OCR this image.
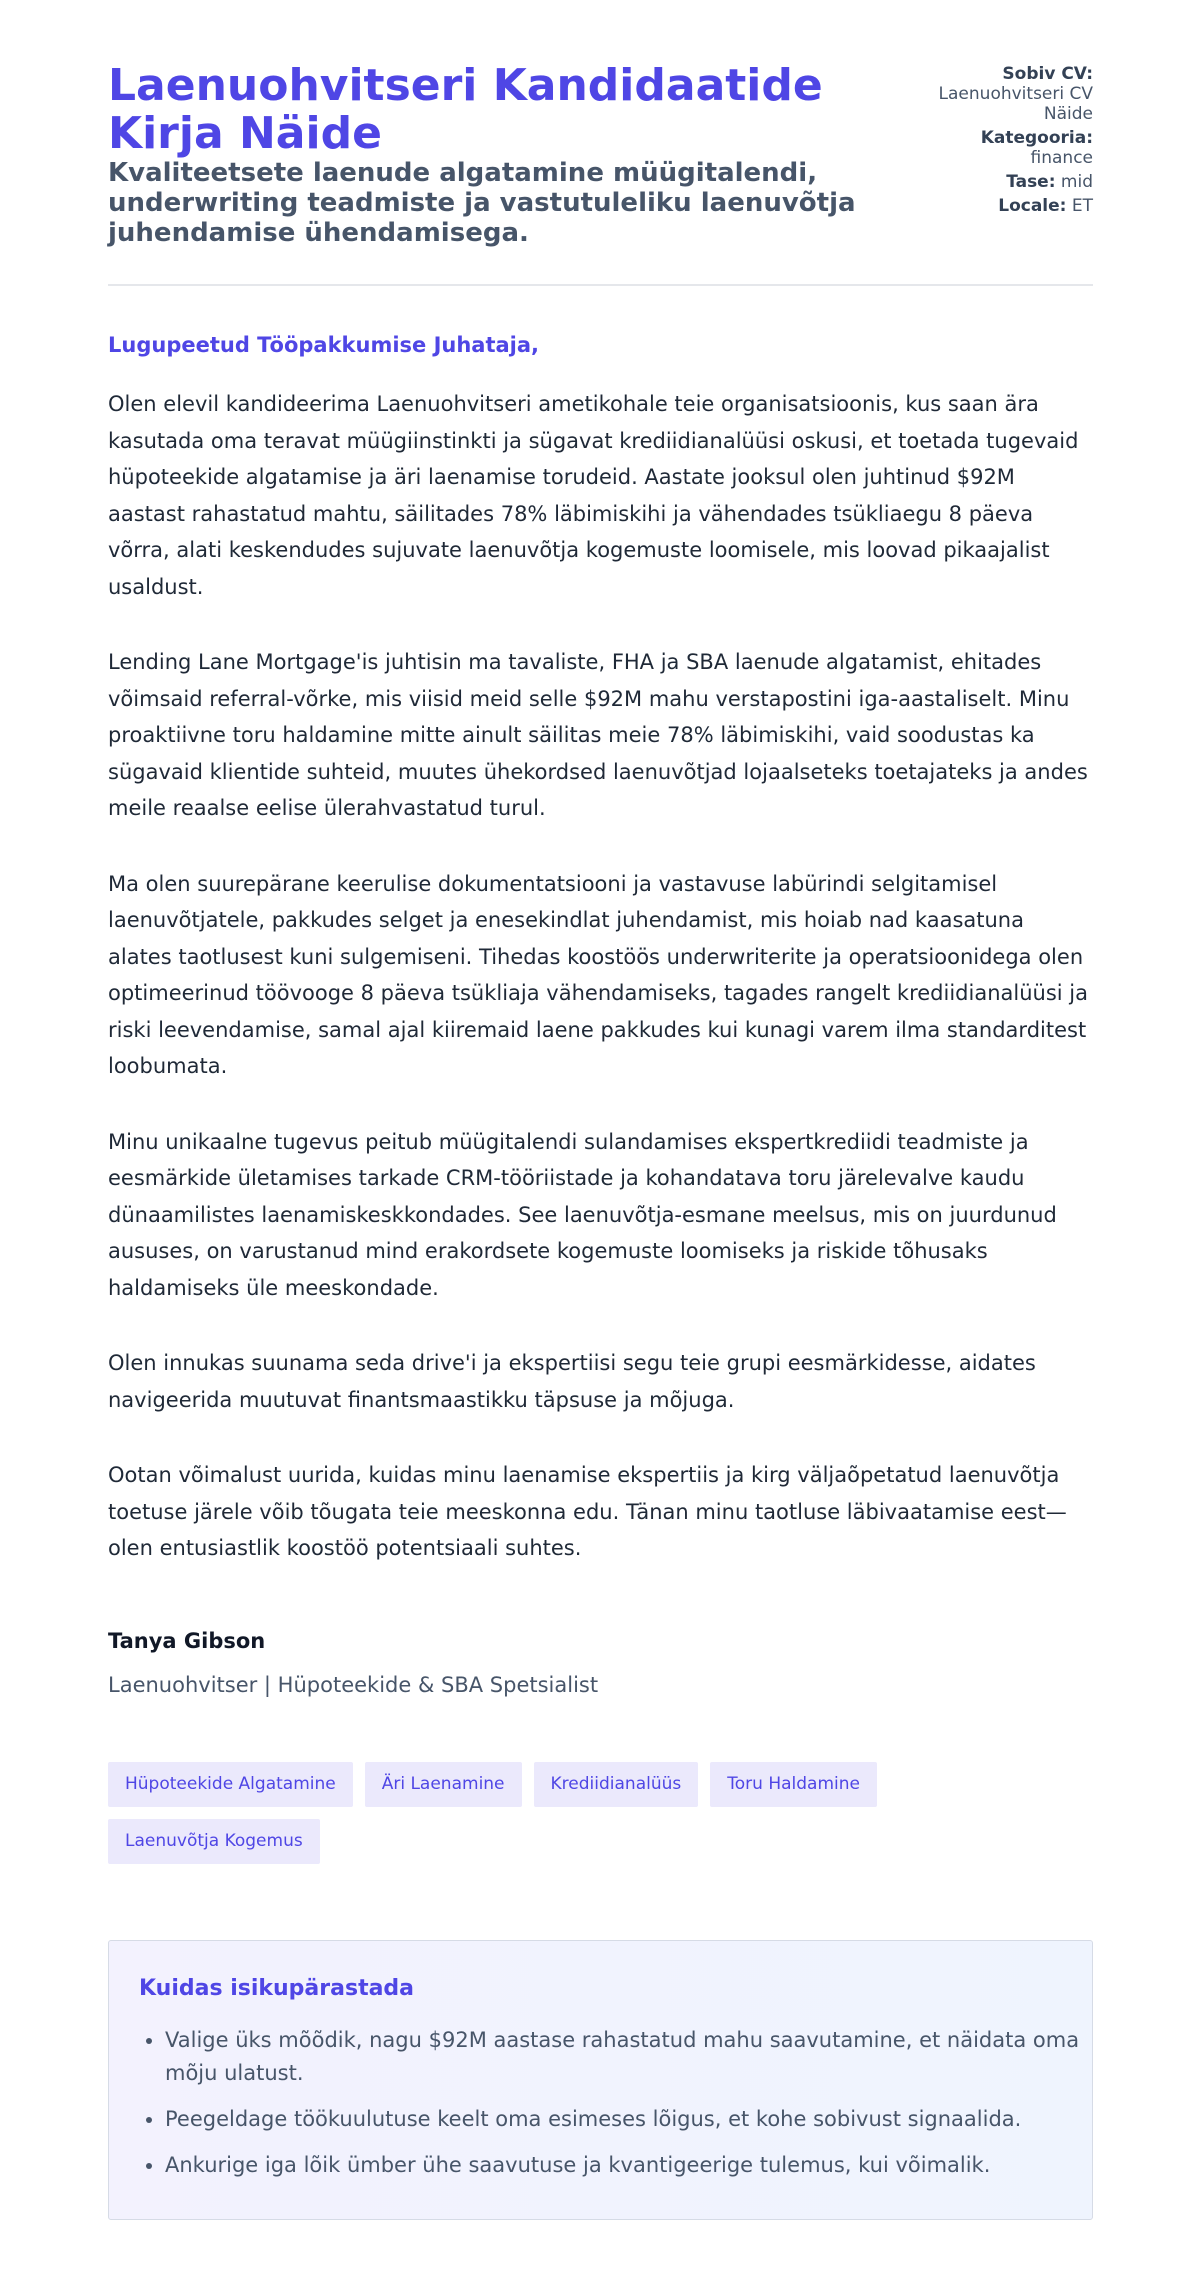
Laenuohvitseri Kandidaatide Kirja Näide
Kvaliteetsete laenude algatamine müügitalendi, underwriting teadmiste ja vastutuleliku laenuvõtja juhendamise ühendamisega.
Sobiv CV:
Laenuohvitseri CV Näide
Kategooria:
finance
Tase: mid
Locale: ET

Lugupeetud Tööpakkumise Juhataja,

Olen elevil kandideerima Laenuohvitseri ametikohale teie organisatsioonis, kus saan ära kasutada oma teravat müügiinstinkti ja sügavat krediidianalüüsi oskusi, et toetada tugevaid hüpoteekide algatamise ja äri laenamise torudeid. Aastate jooksul olen juhtinud $92M aastast rahastatud mahtu, säilitades 78% läbimiskihi ja vähendades tsükliaegu 8 päeva võrra, alati keskendudes sujuvate laenuvõtja kogemuste loomisele, mis loovad pikaajalist usaldust.

Lending Lane Mortgage'is juhtisin ma tavaliste, FHA ja SBA laenude algatamist, ehitades võimsaid referral-võrke, mis viisid meid selle $92M mahu verstapostini iga-aastaliselt. Minu proaktiivne toru haldamine mitte ainult säilitas meie 78% läbimiskihi, vaid soodustas ka sügavaid klientide suhteid, muutes ühekordsed laenuvõtjad lojaalseteks toetajateks ja andes meile reaalse eelise ülerahvastatud turul.

Ma olen suurepärane keerulise dokumentatsiooni ja vastavuse labürindi selgitamisel laenuvõtjatele, pakkudes selget ja enesekindlat juhendamist, mis hoiab nad kaasatuna alates taotlusest kuni sulgemiseni. Tihedas koostöös underwriterite ja operatsioonidega olen optimeerinud töövooge 8 päeva tsükliaja vähendamiseks, tagades rangelt krediidianalüüsi ja riski leevendamise, samal ajal kiiremaid laene pakkudes kui kunagi varem ilma standarditest loobumata.

Minu unikaalne tugevus peitub müügitalendi sulandamises ekspertkrediidi teadmiste ja eesmärkide ületamises tarkade CRM-tööriistade ja kohandatava toru järelevalve kaudu dünaamilistes laenamiskeskkondades. See laenuvõtja-esmane meelsus, mis on juurdunud aususes, on varustanud mind erakordsete kogemuste loomiseks ja riskide tõhusaks haldamiseks üle meeskondade.

Olen innukas suunama seda drive'i ja ekspertiisi segu teie grupi eesmärkidesse, aidates navigeerida muutuvat finantsmaastikku täpsuse ja mõjuga.

Ootan võimalust uurida, kuidas minu laenamise ekspertiis ja kirg väljaõpetatud laenuvõtja toetuse järele võib tõugata teie meeskonna edu. Tänan minu taotluse läbivaatamise eest—olen entusiastlik koostöö potentsiaali suhtes.

Tanya Gibson

Laenuohvitser | Hüpoteekide & SBA Spetsialist

Hüpoteekide Algatamine	Äri Laenamine	Krediidianalüüs	Toru Haldamine
Laenuvõtja Kogemus
Kuidas isikupärastada
• Valige üks mõõdik, nagu $92M aastase rahastatud mahu saavutamine, et näidata oma mõju ulatust.
• Peegeldage töökuulutuse keelt oma esimeses lõigus, et kohe sobivust signaalida.
• Ankurige iga lõik ümber ühe saavutuse ja kvantigeerige tulemus, kui võimalik.
